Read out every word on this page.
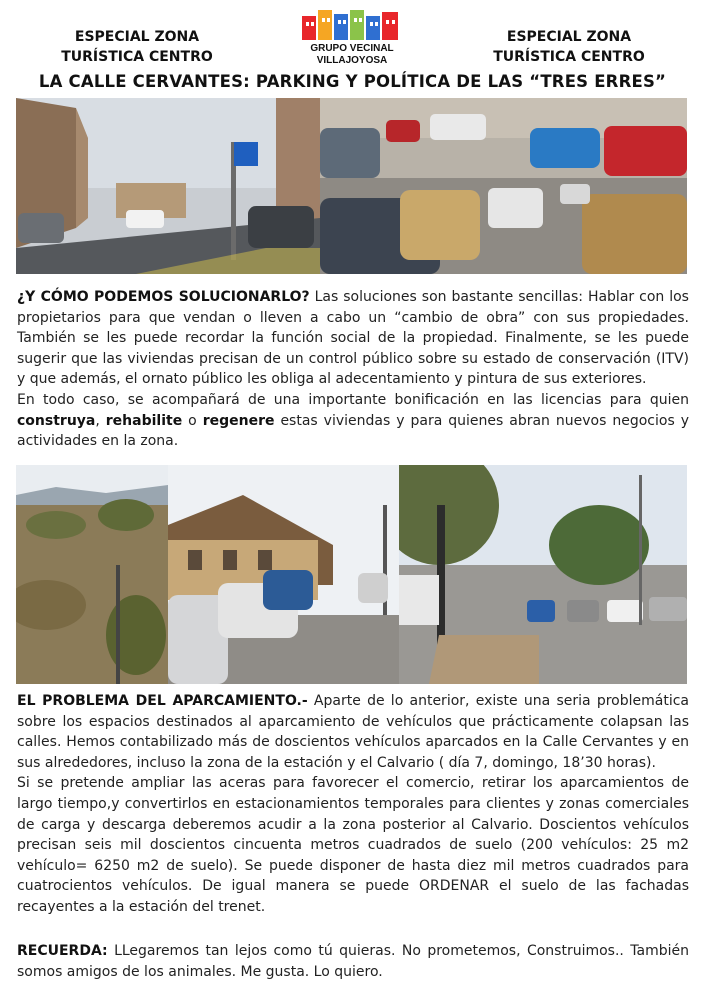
ESPECIAL ZONA
TURÍSTICA CENTRO
GRUPO VECINAL
VILLAJOYOSA
ESPECIAL ZONA
TURÍSTICA CENTRO
LA CALLE CERVANTES: PARKING Y POLÍTICA DE LAS “TRES ERRES”

¿Y CÓMO PODEMOS SOLUCIONARLO? Las soluciones son bastante sencillas: Hablar con los propietarios para que vendan o lleven a cabo un “cambio de obra” con sus propiedades. También se les puede recordar la función social de la propiedad. Finalmente, se les puede sugerir que las viviendas precisan de un control público sobre su estado de conservación (ITV) y que además, el ornato público les obliga al adecentamiento y pintura de sus exteriores.

En todo caso, se acompañará de una importante bonificación en las licencias para quien construya, rehabilite o regenere estas viviendas y para quienes abran nuevos negocios y actividades en la zona.

EL PROBLEMA DEL APARCAMIENTO.- Aparte de lo anterior, existe una seria problemática sobre los espacios destinados al aparcamiento de vehículos que prácticamente colapsan las calles. Hemos contabilizado más de doscientos vehículos aparcados en la Calle Cervantes y en sus alrededores, incluso la zona de la estación y el Calvario ( día 7, domingo, 18’30 horas).

Si se pretende ampliar las aceras para favorecer el comercio, retirar los aparcamientos de largo tiempo,y convertirlos en estacionamientos temporales para clientes y zonas comerciales de carga y descarga deberemos acudir a la zona posterior al Calvario. Doscientos vehículos precisan seis mil doscientos cincuenta metros cuadrados de suelo (200 vehículos: 25 m2 vehículo= 6250 m2 de suelo). Se puede disponer de hasta diez mil metros cuadrados para cuatrocientos vehículos. De igual manera se puede ORDENAR el suelo de las fachadas recayentes a la estación del trenet.

RECUERDA: LLegaremos tan lejos como tú quieras. No prometemos, Construimos.. También somos amigos de los animales. Me gusta. Lo quiero.
